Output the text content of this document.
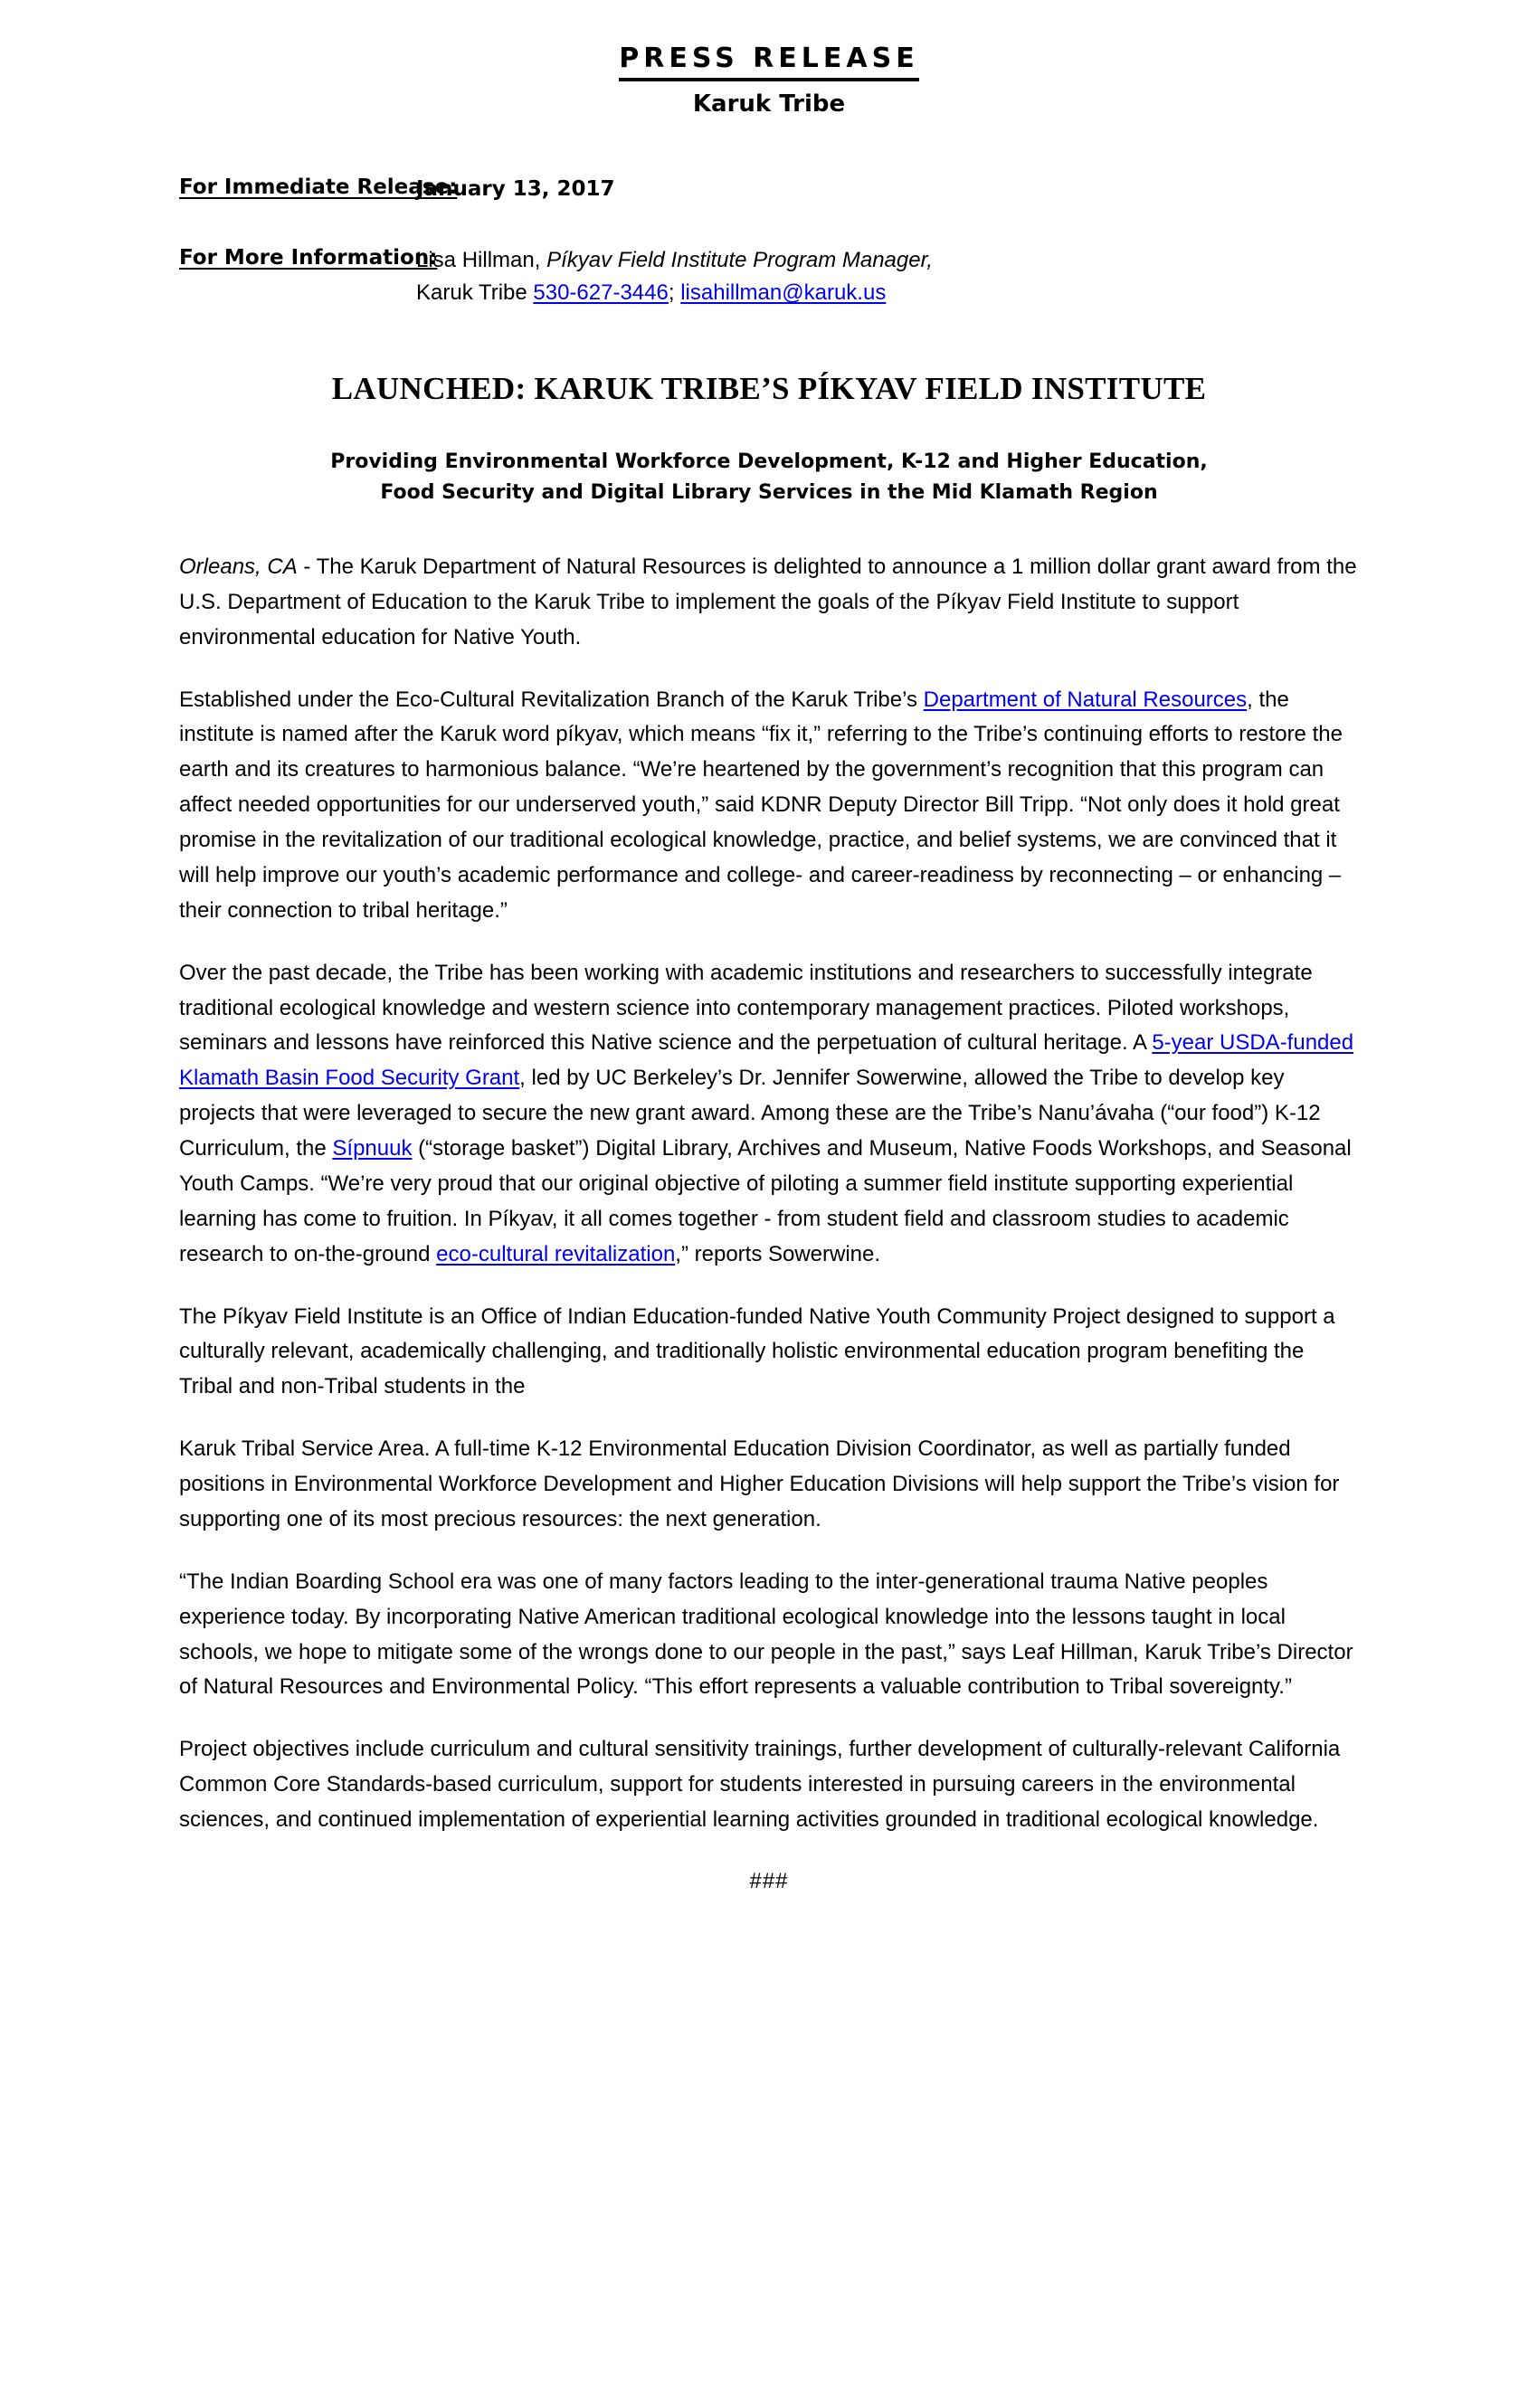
PRESS RELEASE
Karuk Tribe
For Immediate Release:
January 13, 2017
For More Information:
Lisa Hillman, Píkyav Field Institute Program Manager,
Karuk Tribe 530-627-3446; lisahillman@karuk.us
LAUNCHED: KARUK TRIBE’S PÍKYAV FIELD INSTITUTE
Providing Environmental Workforce Development, K-12 and Higher Education,
Food Security and Digital Library Services in the Mid Klamath Region

Orleans, CA - The Karuk Department of Natural Resources is delighted to announce a 1 million dollar grant award from the U.S. Department of Education to the Karuk Tribe to implement the goals of the Píkyav Field Institute to support environmental education for Native Youth.

Established under the Eco-Cultural Revitalization Branch of the Karuk Tribe’s Department of Natural Resources, the institute is named after the Karuk word píkyav, which means “fix it,” referring to the Tribe’s continuing efforts to restore the earth and its creatures to harmonious balance. “We’re heartened by the government’s recognition that this program can affect needed opportunities for our underserved youth,” said KDNR Deputy Director Bill Tripp. “Not only does it hold great promise in the revitalization of our traditional ecological knowledge, practice, and belief systems, we are convinced that it will help improve our youth’s academic performance and college- and career-readiness by reconnecting – or enhancing – their connection to tribal heritage.”

Over the past decade, the Tribe has been working with academic institutions and researchers to successfully integrate traditional ecological knowledge and western science into contemporary management practices. Piloted workshops, seminars and lessons have reinforced this Native science and the perpetuation of cultural heritage. A 5-year USDA-funded Klamath Basin Food Security Grant, led by UC Berkeley’s Dr. Jennifer Sowerwine, allowed the Tribe to develop key projects that were leveraged to secure the new grant award. Among these are the Tribe’s Nanu’ávaha (“our food”) K-12 Curriculum, the Sípnuuk (“storage basket”) Digital Library, Archives and Museum, Native Foods Workshops, and Seasonal Youth Camps. “We’re very proud that our original objective of piloting a summer field institute supporting experiential learning has come to fruition. In Píkyav, it all comes together - from student field and classroom studies to academic research to on-the-ground eco-cultural revitalization,” reports Sowerwine.

The Píkyav Field Institute is an Office of Indian Education-funded Native Youth Community Project designed to support a culturally relevant, academically challenging, and traditionally holistic environmental education program benefiting the Tribal and non-Tribal students in the

Karuk Tribal Service Area. A full-time K-12 Environmental Education Division Coordinator, as well as partially funded positions in Environmental Workforce Development and Higher Education Divisions will help support the Tribe’s vision for supporting one of its most precious resources: the next generation.

“The Indian Boarding School era was one of many factors leading to the inter-generational trauma Native peoples experience today. By incorporating Native American traditional ecological knowledge into the lessons taught in local schools, we hope to mitigate some of the wrongs done to our people in the past,” says Leaf Hillman, Karuk Tribe’s Director of Natural Resources and Environmental Policy. “This effort represents a valuable contribution to Tribal sovereignty.”

Project objectives include curriculum and cultural sensitivity trainings, further development of culturally-relevant California Common Core Standards-based curriculum, support for students interested in pursuing careers in the environmental sciences, and continued implementation of experiential learning activities grounded in traditional ecological knowledge.

###
